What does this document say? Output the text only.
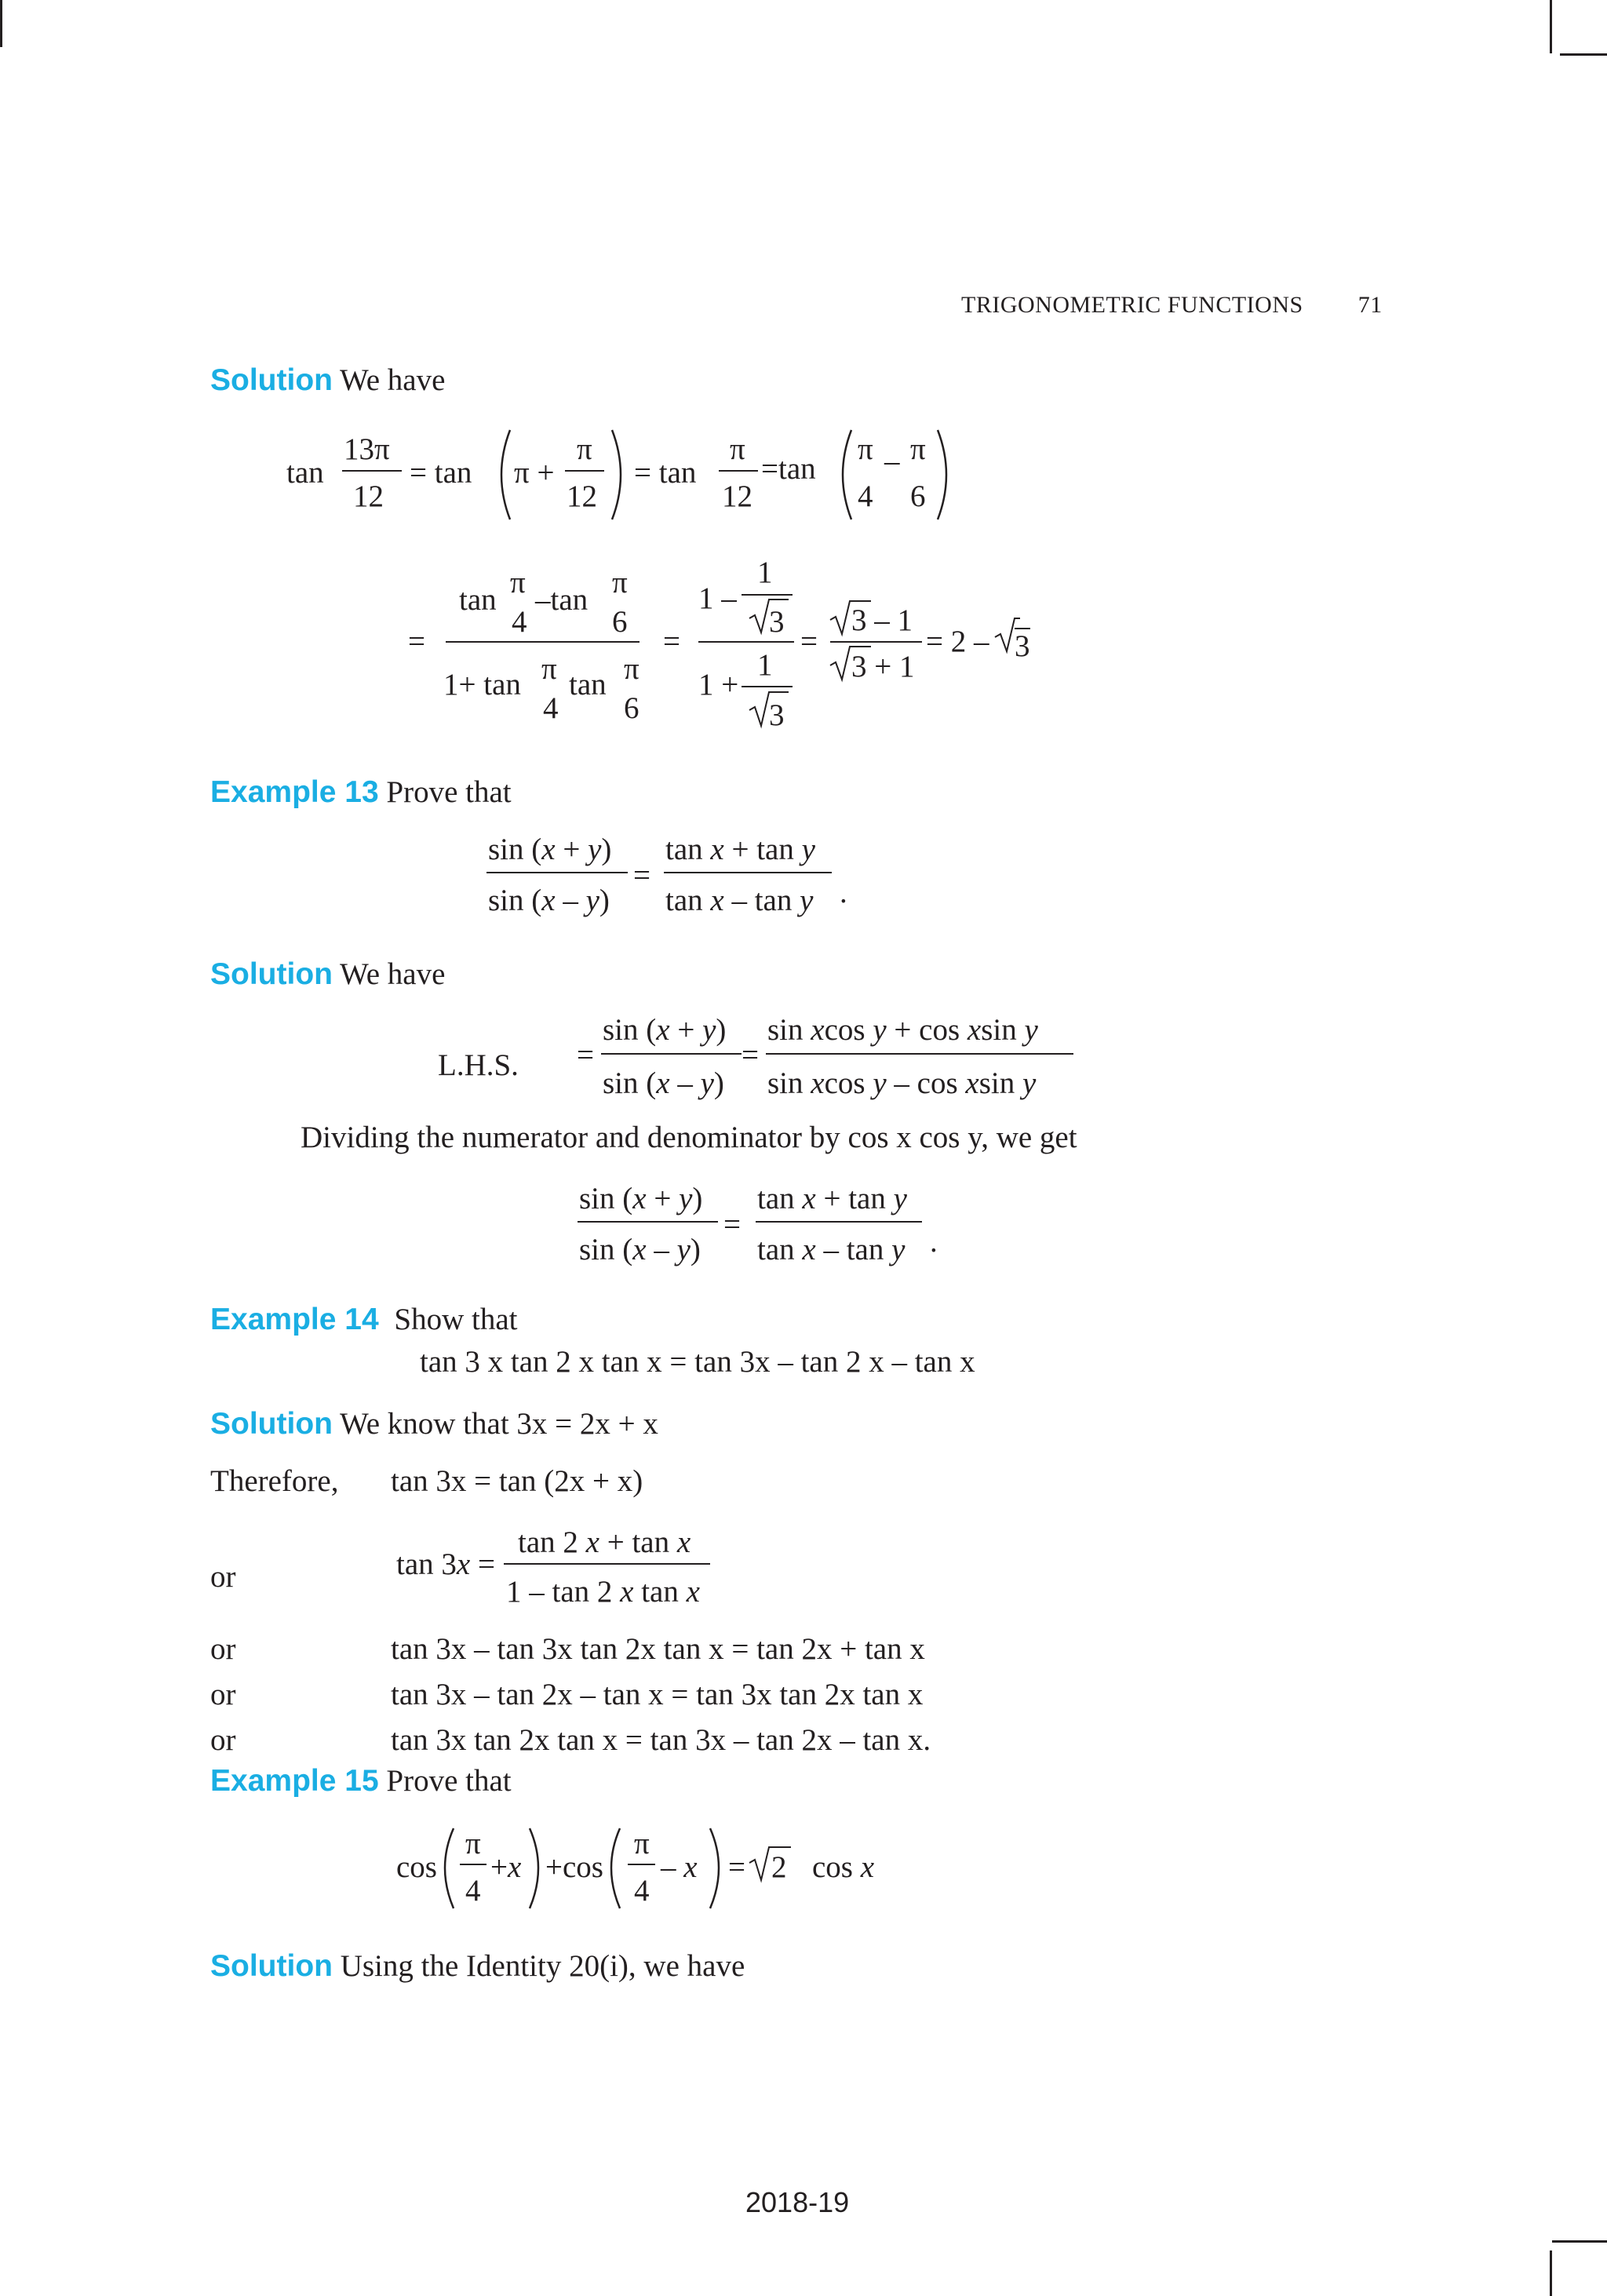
TRIGONOMETRIC FUNCTIONS 71
Solution We have
tan
13π
12
= tan π +
π
12
= tan
π
12
=tan
π – π
4 6
=
tan
π
4
–tan
π
6
1+ tan π
4
tan π
6
=
1 –
1
3
1 +
1
3
=
3 – 1
3 + 1
= 2 – 3
Example 13 Prove that
sin (x + y)
sin (x – y)
=
tan x + tan y
tan x – tan y .
Solution We have
L.H.S. =
sin (x + y)
sin (x – y)
=
sin xcos y + cos xsin y
sin xcos y – cos xsin y
Dividing the numerator and denominator by cos x cos y, we get
sin (x + y)
sin (x – y)
=
tan x + tan y
tan x – tan y .
Example 14 Show that
tan 3 x tan 2 x tan x = tan 3x – tan 2 x – tan x
Solution We know that 3x = 2x + x
Therefore, tan 3x = tan (2x + x)
or	tan 3x =
tan 2 x + tan x
1 – tan 2 x tan x
or	tan 3x – tan 3x tan 2x tan x = tan 2x + tan x
or	tan 3x – tan 2x – tan x = tan 3x tan 2x tan x
or	tan 3x tan 2x tan x = tan 3x – tan 2x – tan x.
Example 15 Prove that
cos
π
4
+x +cos
π
4
– x = 2 cos x
Solution Using the Identity 20(i), we have
2018-19
